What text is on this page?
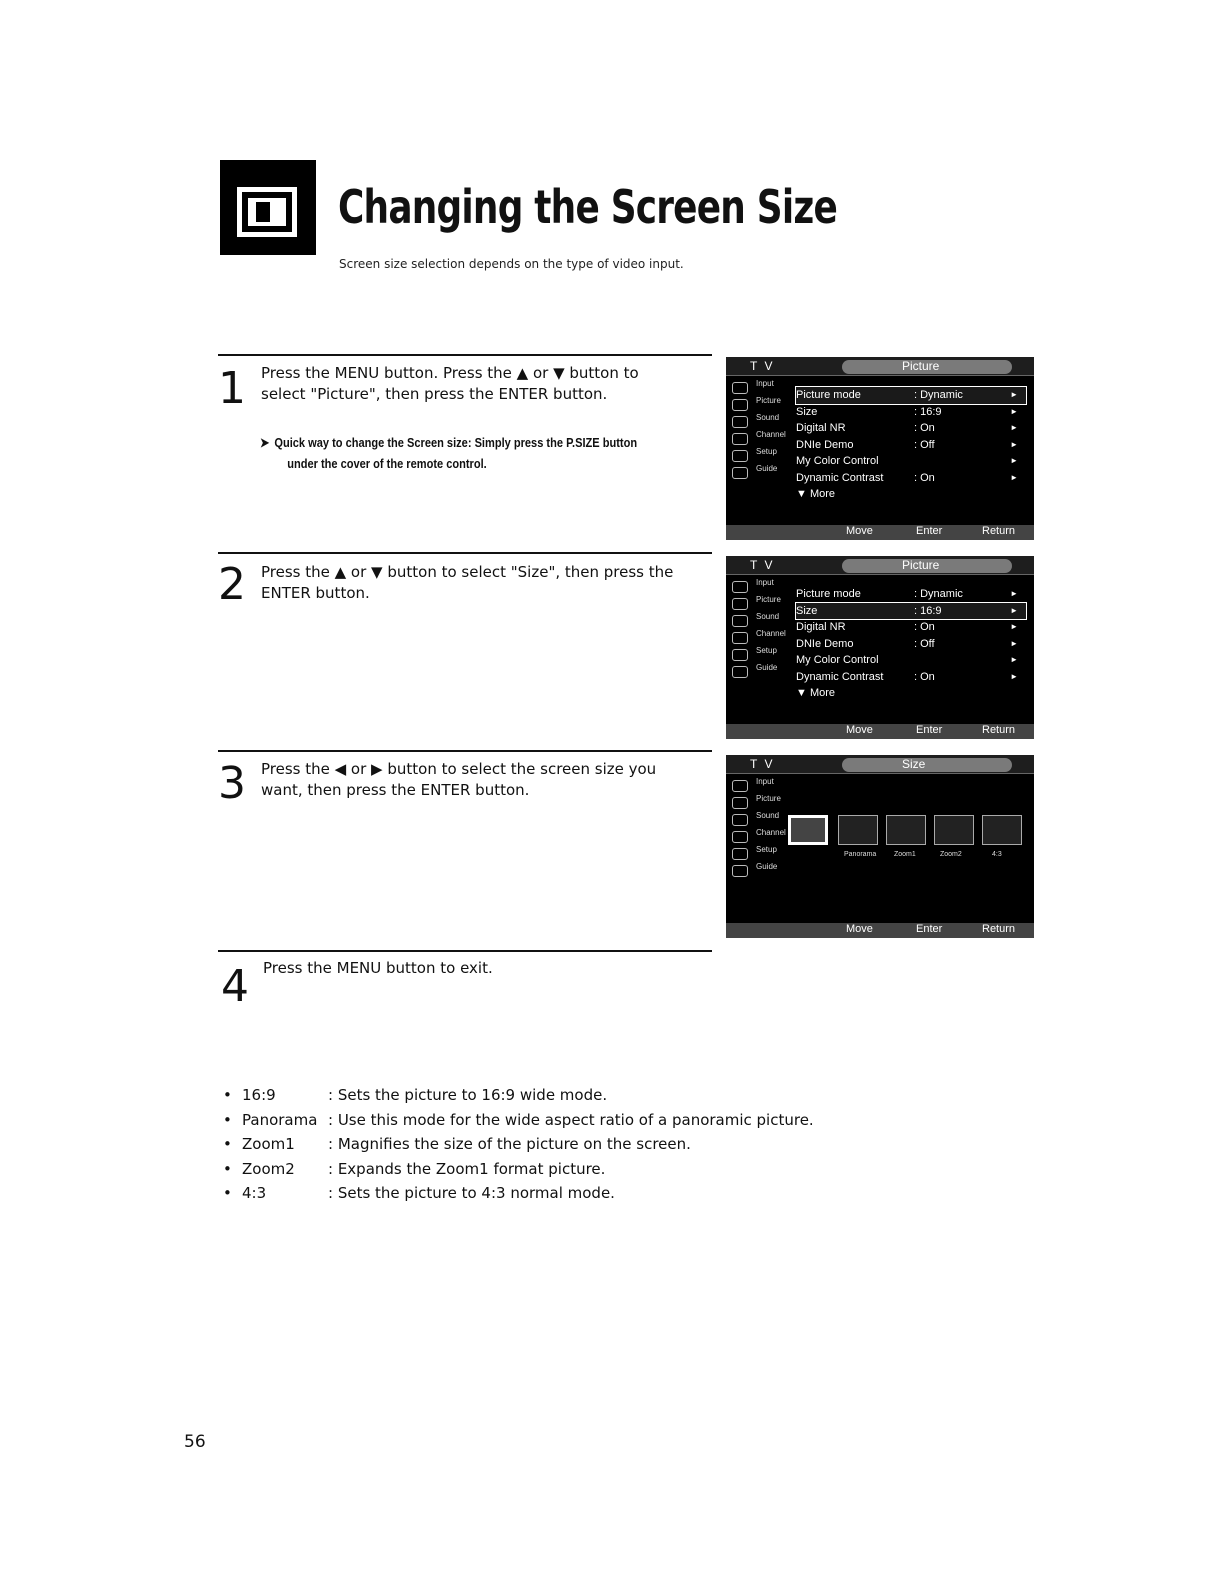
Changing the Screen Size
Screen size selection depends on the type of video input.
1 Press the MENU button. Press the ▲ or ▼ button to
select "Picture", then press the ENTER button.
➤ Quick way to change the Screen size: Simply press the P.SIZE button
under the cover of the remote control.
2 Press the ▲ or ▼ button to select "Size", then press the
ENTER button.
3 Press the ◀ or ▶ button to select the screen size you
want, then press the ENTER button.
4 Press the MENU button to exit.
T V	Picture
Input
Picture
Sound
Channel
Setup
Guide
Picture mode	: Dynamic	►
Size	: 16:9	►
Digital NR	: On	►
DNIe Demo	: Off	►
My Color Control	►
Dynamic Contrast	: On	►
▼ More
Move	Enter	Return
T V	Picture
Input
Picture
Sound
Channel
Setup
Guide
Picture mode	: Dynamic	►
Size	: 16:9	►
Digital NR	: On	►
DNIe Demo	: Off	►
My Color Control	►
Dynamic Contrast	: On	►
▼ More
Move	Enter	Return
T V	Size
Input
Picture
Sound
Channel
Setup
Guide
Panorama	Zoom1	Zoom2	4:3
Move	Enter	Return
• 16:9	: Sets the picture to 16:9 wide mode.
• Panorama : Use this mode for the wide aspect ratio of a panoramic picture.
• Zoom1 : Magnifies the size of the picture on the screen.
• Zoom2 : Expands the Zoom1 format picture.
• 4:3	: Sets the picture to 4:3 normal mode.
56
